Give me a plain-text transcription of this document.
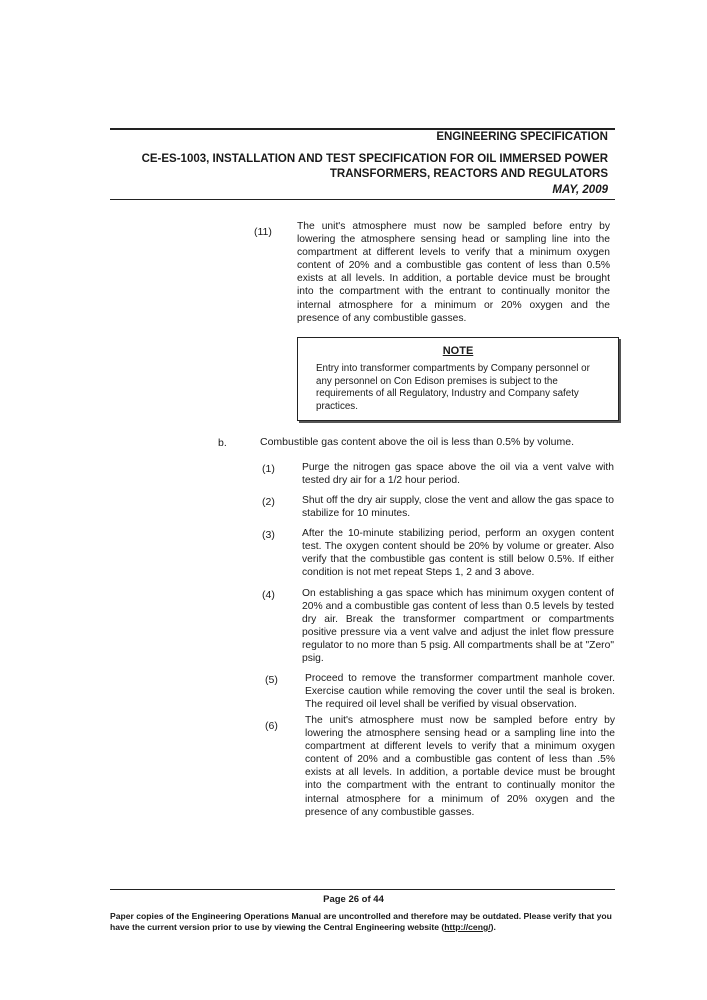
ENGINEERING SPECIFICATION
CE-ES-1003, INSTALLATION AND TEST SPECIFICATION FOR OIL IMMERSED POWER
TRANSFORMERS, REACTORS AND REGULATORS
MAY, 2009
(11) The unit's atmosphere must now be sampled before entry by lowering the atmosphere sensing head or sampling line into the compartment at different levels to verify that a minimum oxygen content of 20% and a combustible gas content of less than 0.5% exists at all levels. In addition, a portable device must be brought into the compartment with the entrant to continually monitor the internal atmosphere for a minimum or 20% oxygen and the presence of any combustible gasses.
NOTE
Entry into transformer compartments by Company personnel or any personnel on Con Edison premises is subject to the requirements of all Regulatory, Industry and Company safety practices.
b.	Combustible gas content above the oil is less than 0.5% by volume.
(1)	Purge the nitrogen gas space above the oil via a vent valve with tested dry air for a 1/2 hour period.
(2)	Shut off the dry air supply, close the vent and allow the gas space to stabilize for 10 minutes.
(3)	After the 10-minute stabilizing period, perform an oxygen content test. The oxygen content should be 20% by volume or greater. Also verify that the combustible gas content is still below 0.5%. If either condition is not met repeat Steps 1, 2 and 3 above.
(4)	On establishing a gas space which has minimum oxygen content of 20% and a combustible gas content of less than 0.5 levels by tested dry air. Break the transformer compartment or compartments positive pressure via a vent valve and adjust the inlet flow pressure regulator to no more than 5 psig. All compartments shall be at "Zero" psig.
(5)	Proceed to remove the transformer compartment manhole cover. Exercise caution while removing the cover until the seal is broken. The required oil level shall be verified by visual observation.
(6)	The unit's atmosphere must now be sampled before entry by lowering the atmosphere sensing head or a sampling line into the compartment at different levels to verify that a minimum oxygen content of 20% and a combustible gas content of less than .5% exists at all levels. In addition, a portable device must be brought into the compartment with the entrant to continually monitor the internal atmosphere for a minimum of 20% oxygen and the presence of any combustible gasses.
Page 26 of 44
Paper copies of the Engineering Operations Manual are uncontrolled and therefore may be outdated. Please verify that you have the current version prior to use by viewing the Central Engineering website (http://ceng/).
